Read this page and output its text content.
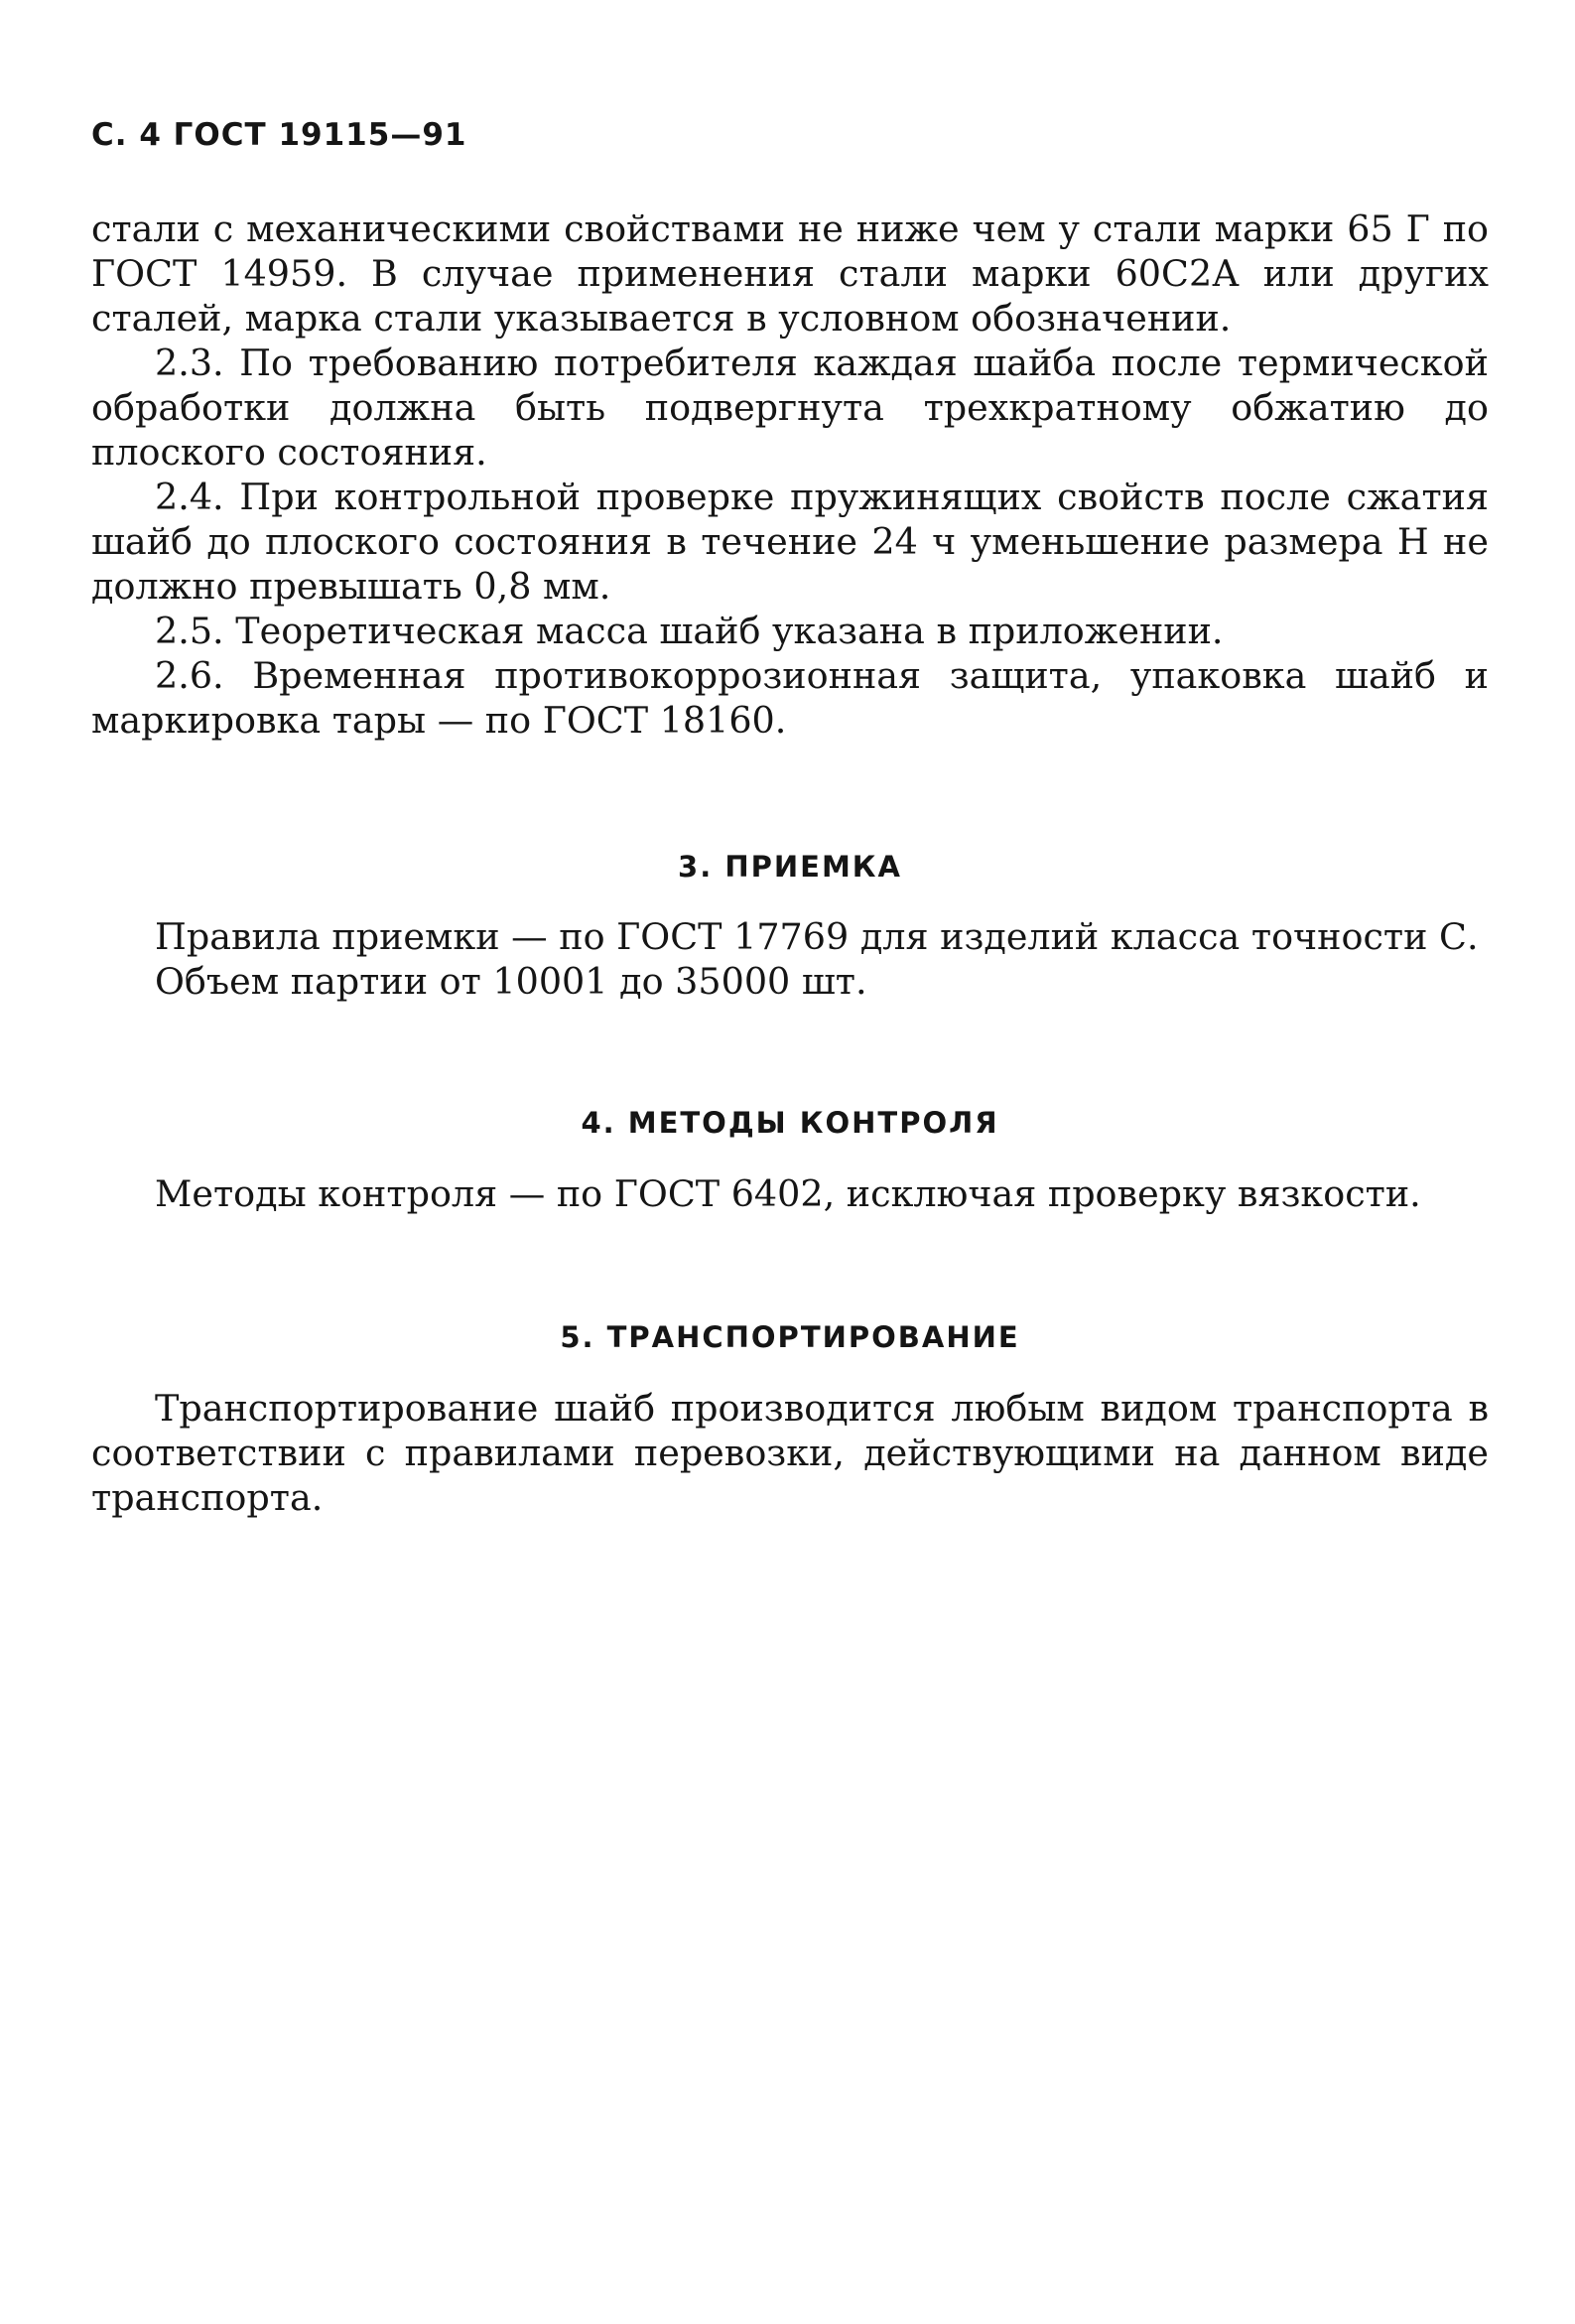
С. 4 ГОСТ 19115—91

стали с механическими свойствами не ниже чем у стали марки 65 Г по ГОСТ 14959. В случае применения стали марки 60С2А или других сталей, марка стали указывается в условном обозначении.

2.3. По требованию потребителя каждая шайба после термической обработки должна быть подвергнута трехкратному обжатию до плоского состояния.

2.4. При контрольной проверке пружинящих свойств после сжатия шайб до плоского состояния в течение 24 ч уменьшение размера Н не должно превышать 0,8 мм.

2.5. Теоретическая масса шайб указана в приложении.

2.6. Временная противокоррозионная защита, упаковка шайб и маркировка тары — по ГОСТ 18160.

3. ПРИЕМКА

Правила приемки — по ГОСТ 17769 для изделий класса точности С.

Объем партии от 10001 до 35000 шт.

4. МЕТОДЫ КОНТРОЛЯ

Методы контроля — по ГОСТ 6402, исключая проверку вязкости.

5. ТРАНСПОРТИРОВАНИЕ

Транспортирование шайб производится любым видом транспорта в соответствии с правилами перевозки, действующими на данном виде транспорта.
